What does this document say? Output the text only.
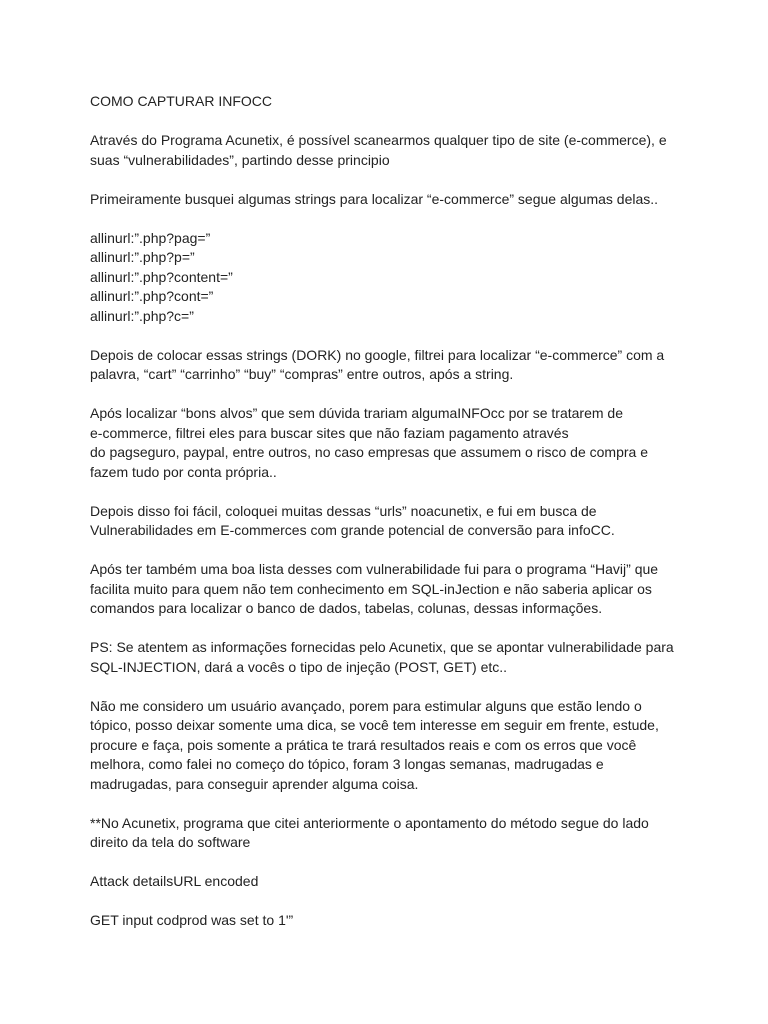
COMO CAPTURAR INFOCC

Através do Programa Acunetix, é possível scanearmos qualquer tipo de site (e-commerce), e
suas “vulnerabilidades”, partindo desse principio

Primeiramente busquei algumas strings para localizar “e-commerce” segue algumas delas..

allinurl:”.php?pag=”
allinurl:”.php?p=”
allinurl:”.php?content=”
allinurl:”.php?cont=”
allinurl:”.php?c=”

Depois de colocar essas strings (DORK) no google, filtrei para localizar “e-commerce” com a
palavra, “cart” “carrinho” “buy” “compras” entre outros, após a string.

Após localizar “bons alvos” que sem dúvida trariam algumaINFOcc por se tratarem de
e-commerce, filtrei eles para buscar sites que não faziam pagamento através
do pagseguro, paypal, entre outros, no caso empresas que assumem o risco de compra e
fazem tudo por conta própria..

Depois disso foi fácil, coloquei muitas dessas “urls” noacunetix, e fui em busca de
Vulnerabilidades em E-commerces com grande potencial de conversão para infoCC.

Após ter também uma boa lista desses com vulnerabilidade fui para o programa “Havij” que
facilita muito para quem não tem conhecimento em SQL-inJection e não saberia aplicar os
comandos para localizar o banco de dados, tabelas, colunas, dessas informações.

PS: Se atentem as informações fornecidas pelo Acunetix, que se apontar vulnerabilidade para
SQL-INJECTION, dará a vocês o tipo de injeção (POST, GET) etc..

Não me considero um usuário avançado, porem para estimular alguns que estão lendo o
tópico, posso deixar somente uma dica, se você tem interesse em seguir em frente, estude,
procure e faça, pois somente a prática te trará resultados reais e com os erros que você
melhora, como falei no começo do tópico, foram 3 longas semanas, madrugadas e
madrugadas, para conseguir aprender alguma coisa.

**No Acunetix, programa que citei anteriormente o apontamento do método segue do lado
direito da tela do software

Attack detailsURL encoded

GET input codprod was set to 1'”
